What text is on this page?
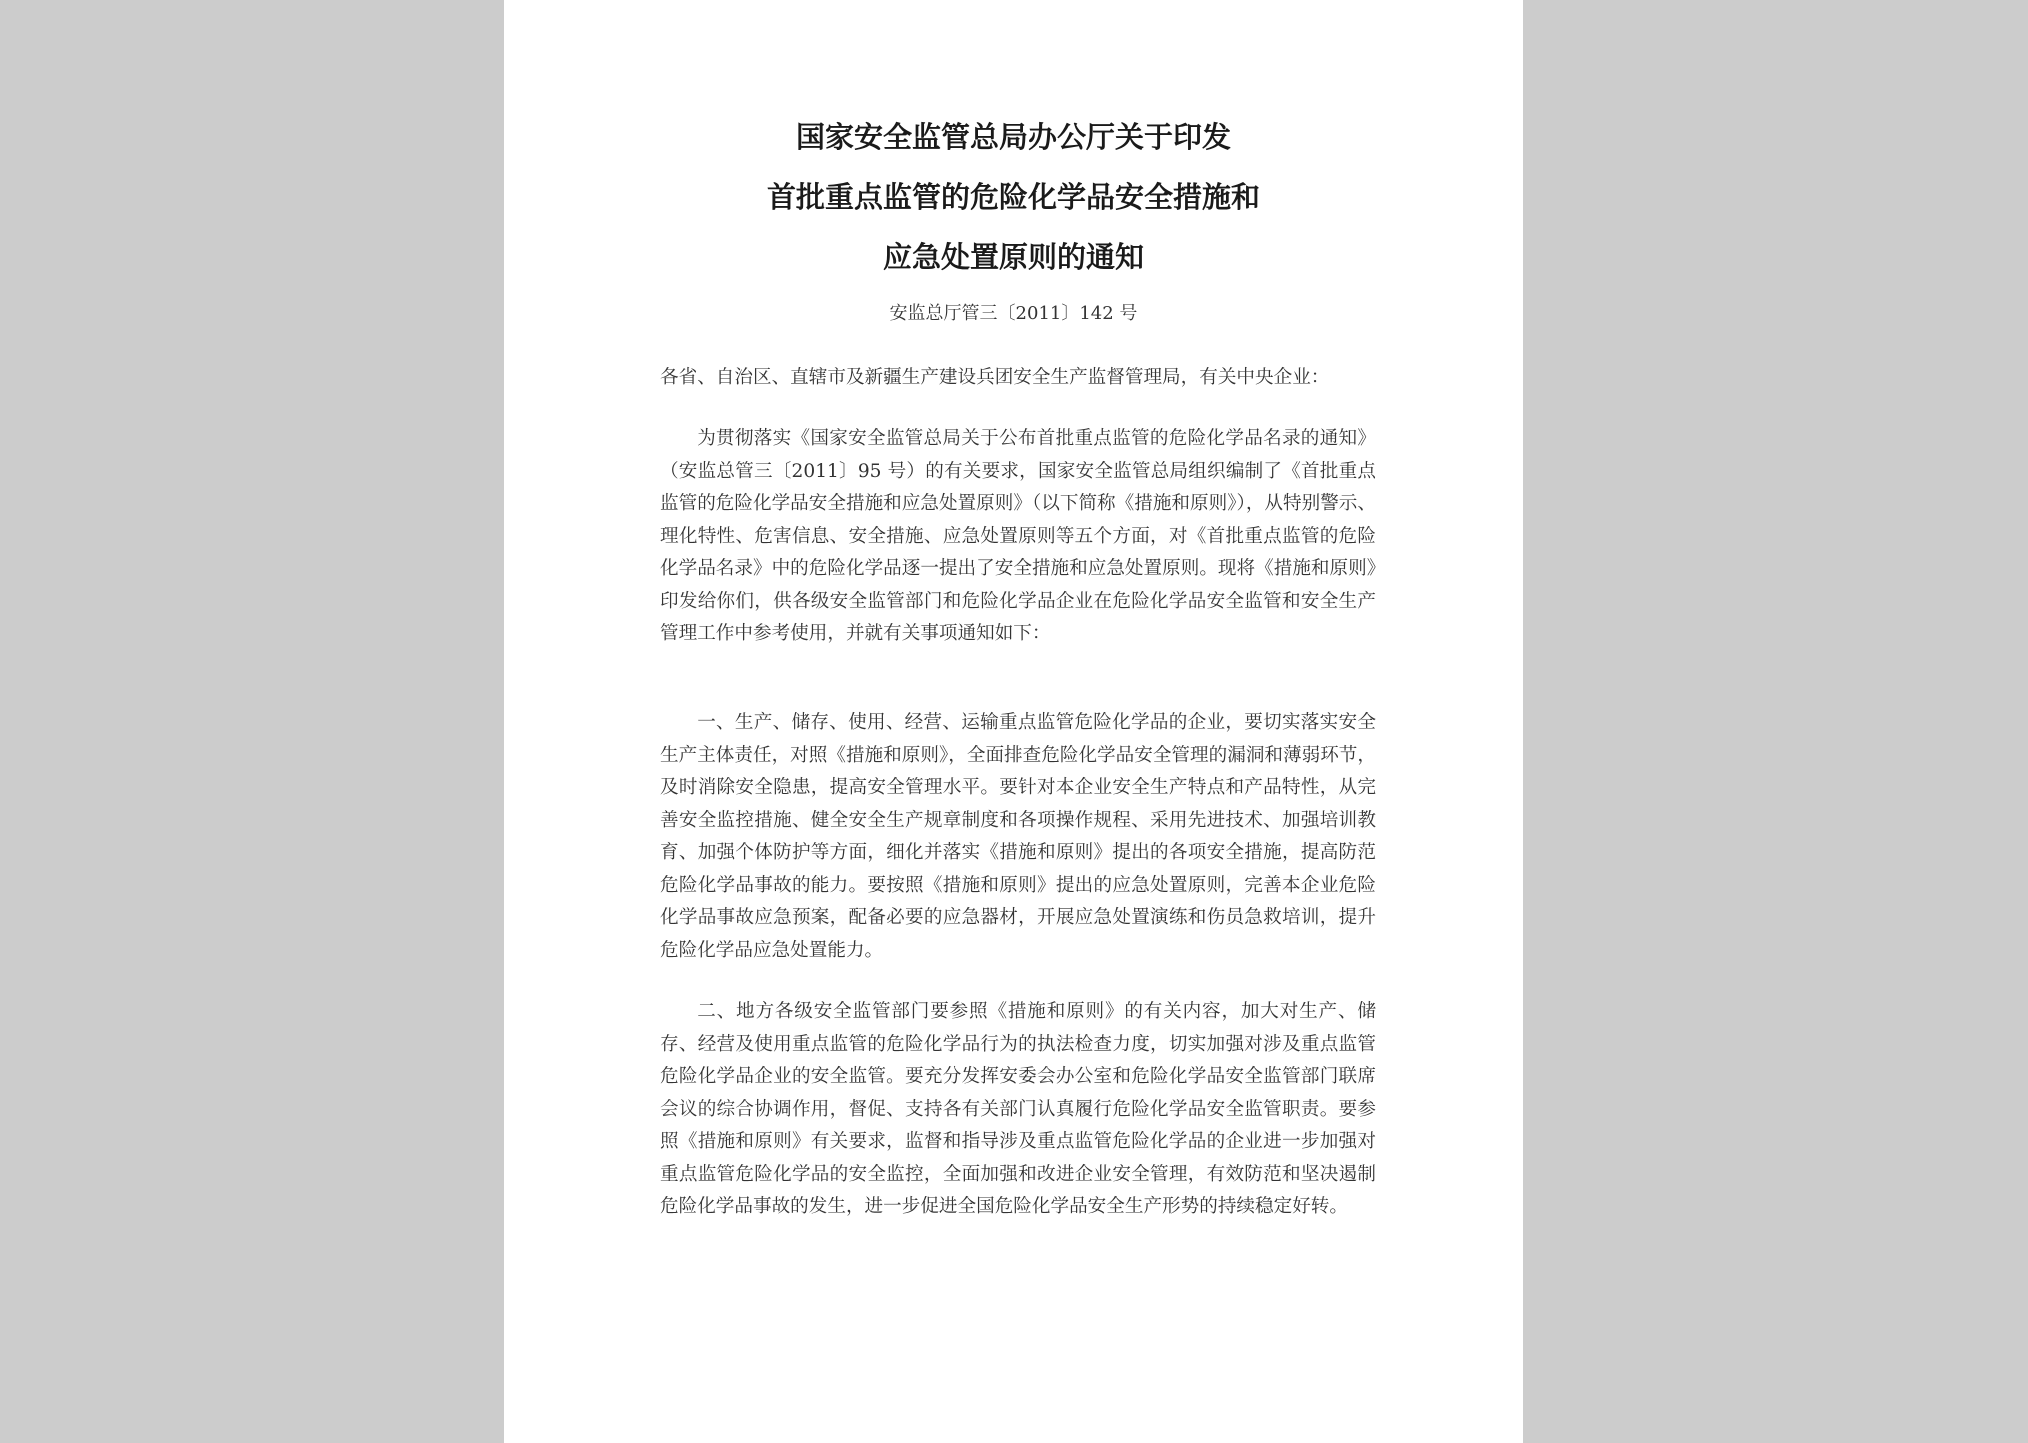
国家安全监管总局办公厅关于印发
首批重点监管的危险化学品安全措施和
应急处置原则的通知
安监总厅管三〔2011〕142 号
各省、自治区、直辖市及新疆生产建设兵团安全生产监督管理局，有关中央企业：

为贯彻落实《国家安全监管总局关于公布首批重点监管的危险化学品名录的通知》（安监总管三〔2011〕95 号）的有关要求，国家安全监管总局组织编制了《首批重点监管的危险化学品安全措施和应急处置原则》（以下简称《措施和原则》），从特别警示、理化特性、危害信息、安全措施、应急处置原则等五个方面，对《首批重点监管的危险化学品名录》中的危险化学品逐一提出了安全措施和应急处置原则。现将《措施和原则》印发给你们，供各级安全监管部门和危险化学品企业在危险化学品安全监管和安全生产管理工作中参考使用，并就有关事项通知如下：

一、生产、储存、使用、经营、运输重点监管危险化学品的企业，要切实落实安全生产主体责任，对照《措施和原则》，全面排查危险化学品安全管理的漏洞和薄弱环节，及时消除安全隐患，提高安全管理水平。要针对本企业安全生产特点和产品特性，从完善安全监控措施、健全安全生产规章制度和各项操作规程、采用先进技术、加强培训教育、加强个体防护等方面，细化并落实《措施和原则》提出的各项安全措施，提高防范危险化学品事故的能力。要按照《措施和原则》提出的应急处置原则，完善本企业危险化学品事故应急预案，配备必要的应急器材，开展应急处置演练和伤员急救培训，提升危险化学品应急处置能力。

二、地方各级安全监管部门要参照《措施和原则》的有关内容，加大对生产、储存、经营及使用重点监管的危险化学品行为的执法检查力度，切实加强对涉及重点监管危险化学品企业的安全监管。要充分发挥安委会办公室和危险化学品安全监管部门联席会议的综合协调作用，督促、支持各有关部门认真履行危险化学品安全监管职责。要参照《措施和原则》有关要求，监督和指导涉及重点监管危险化学品的企业进一步加强对重点监管危险化学品的安全监控，全面加强和改进企业安全管理，有效防范和坚决遏制危险化学品事故的发生，进一步促进全国危险化学品安全生产形势的持续稳定好转。
